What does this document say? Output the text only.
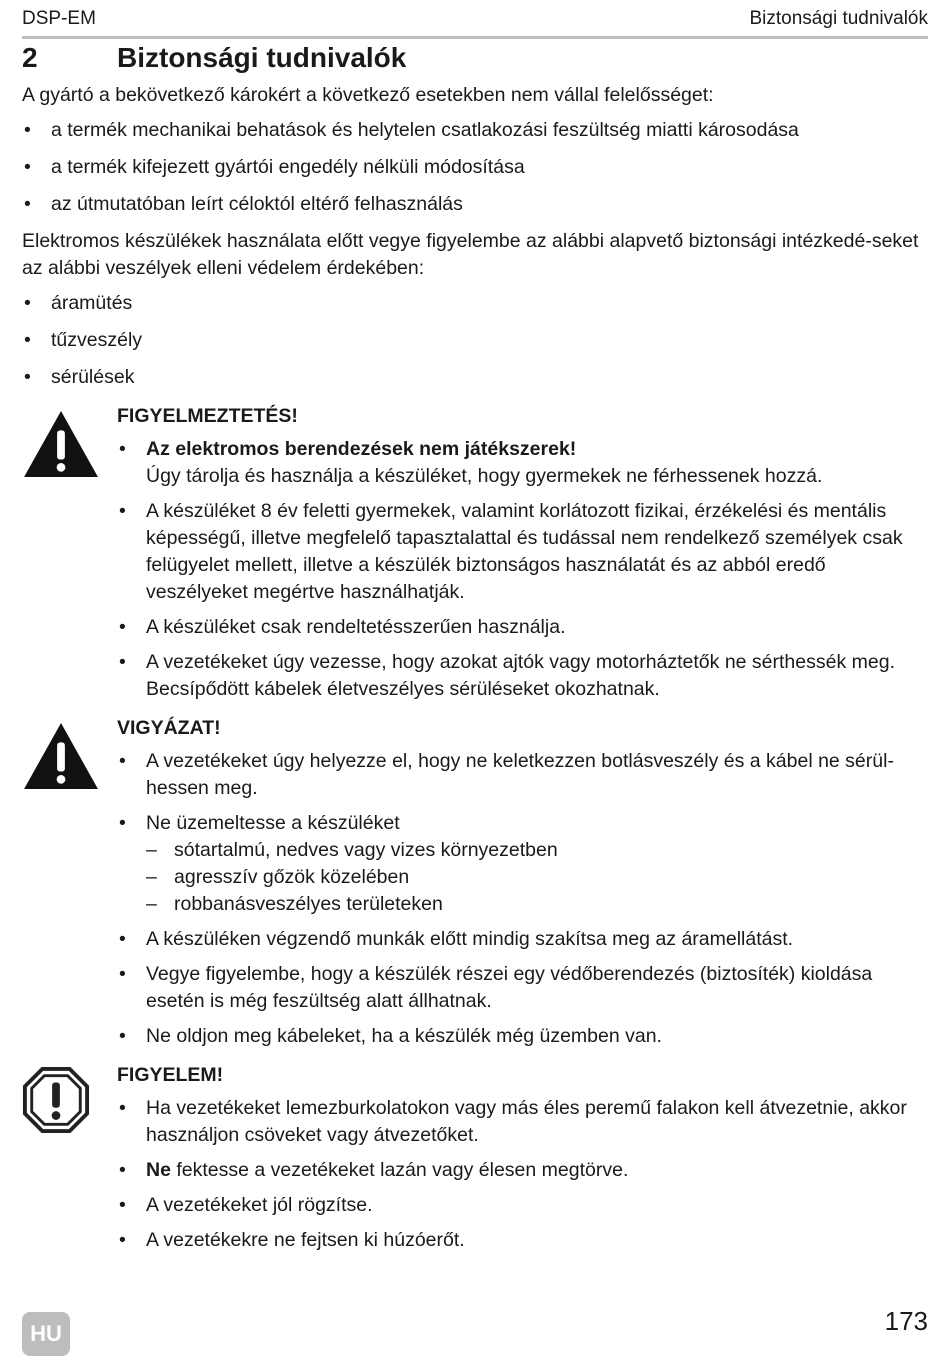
DSP-EM	Biztonsági tudnivalók
2	Biztonsági tudnivalók

A gyártó a bekövetkező károkért a következő esetekben nem vállal felelősséget:

• a termék mechanikai behatások és helytelen csatlakozási feszültség miatti károsodása
• a termék kifejezett gyártói engedély nélküli módosítása
• az útmutatóban leírt céloktól eltérő felhasználás

Elektromos készülékek használata előtt vegye figyelembe az alábbi alapvető biztonsági intézkedé-seket az alábbi veszélyek elleni védelem érdekében:

• áramütés
• tűzveszély
• sérülések
FIGYELMEZTETÉS!
• Az elektromos berendezések nem játékszerek!
Úgy tárolja és használja a készüléket, hogy gyermekek ne férhessenek hozzá.
• A készüléket 8 év feletti gyermekek, valamint korlátozott fizikai, érzékelési és mentális képességű, illetve megfelelő tapasztalattal és tudással nem rendelkező személyek csak felügyelet mellett, illetve a készülék biztonságos használatát és az abból eredő veszélyeket megértve használhatják.
• A készüléket csak rendeltetésszerűen használja.
• A vezetékeket úgy vezesse, hogy azokat ajtók vagy motorháztetők ne sérthessék meg. Becsípődött kábelek életveszélyes sérüléseket okozhatnak.
VIGYÁZAT!
• A vezetékeket úgy helyezze el, hogy ne keletkezzen botlásveszély és a kábel ne sérül-hessen meg.
• Ne üzemeltesse a készüléket
– sótartalmú, nedves vagy vizes környezetben
– agresszív gőzök közelében
– robbanásveszélyes területeken
• A készüléken végzendő munkák előtt mindig szakítsa meg az áramellátást.
• Vegye figyelembe, hogy a készülék részei egy védőberendezés (biztosíték) kioldása esetén is még feszültség alatt állhatnak.
• Ne oldjon meg kábeleket, ha a készülék még üzemben van.
FIGYELEM!
• Ha vezetékeket lemezburkolatokon vagy más éles peremű falakon kell átvezetnie, akkor használjon csöveket vagy átvezetőket.
• Ne fektesse a vezetékeket lazán vagy élesen megtörve.
• A vezetékeket jól rögzítse.
• A vezetékekre ne fejtsen ki húzóerőt.
HU	173
